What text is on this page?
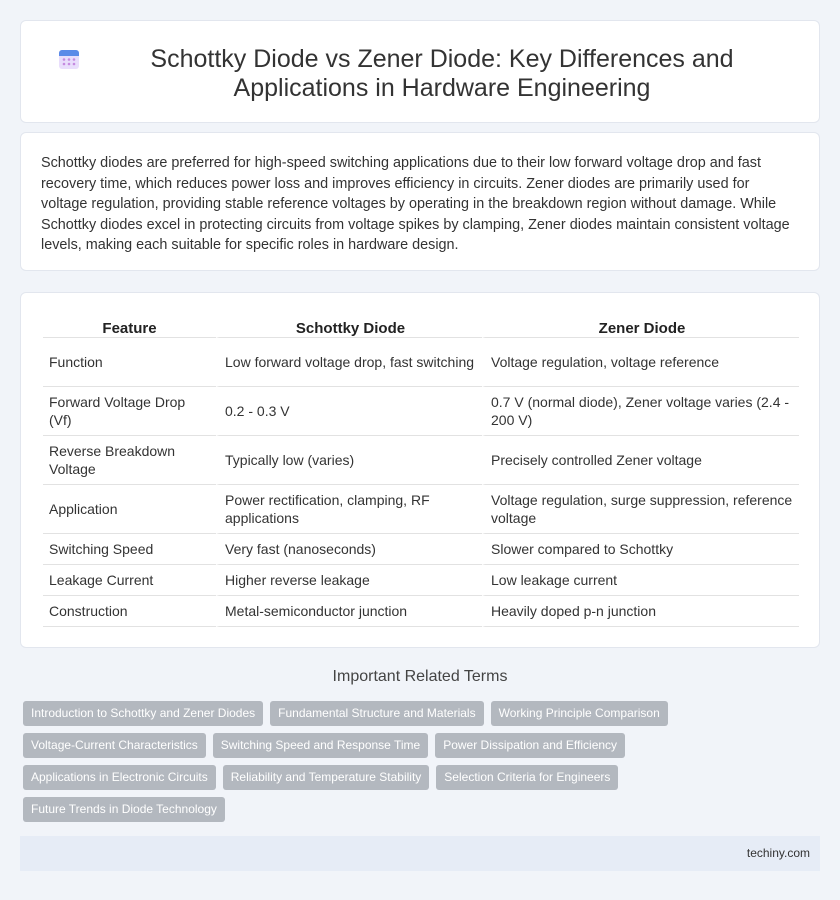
Schottky Diode vs Zener Diode: Key Differences and Applications in Hardware Engineering

Schottky diodes are preferred for high-speed switching applications due to their low forward voltage drop and fast recovery time, which reduces power loss and improves efficiency in circuits. Zener diodes are primarily used for voltage regulation, providing stable reference voltages by operating in the breakdown region without damage. While Schottky diodes excel in protecting circuits from voltage spikes by clamping, Zener diodes maintain consistent voltage levels, making each suitable for specific roles in hardware design.

Feature	Schottky Diode	Zener Diode
Function	Low forward voltage drop, fast switching	Voltage regulation, voltage reference
Forward Voltage Drop (Vf)	0.2 - 0.3 V	0.7 V (normal diode), Zener voltage varies (2.4 - 200 V)
Reverse Breakdown Voltage	Typically low (varies)	Precisely controlled Zener voltage
Application	Power rectification, clamping, RF applications	Voltage regulation, surge suppression, reference voltage
Switching Speed	Very fast (nanoseconds)	Slower compared to Schottky
Leakage Current	Higher reverse leakage	Low leakage current
Construction	Metal-semiconductor junction	Heavily doped p-n junction
Important Related Terms
Introduction to Schottky and Zener Diodes	Fundamental Structure and Materials	Working Principle Comparison
Voltage-Current Characteristics	Switching Speed and Response Time	Power Dissipation and Efficiency
Applications in Electronic Circuits	Reliability and Temperature Stability	Selection Criteria for Engineers
Future Trends in Diode Technology
techiny.com
